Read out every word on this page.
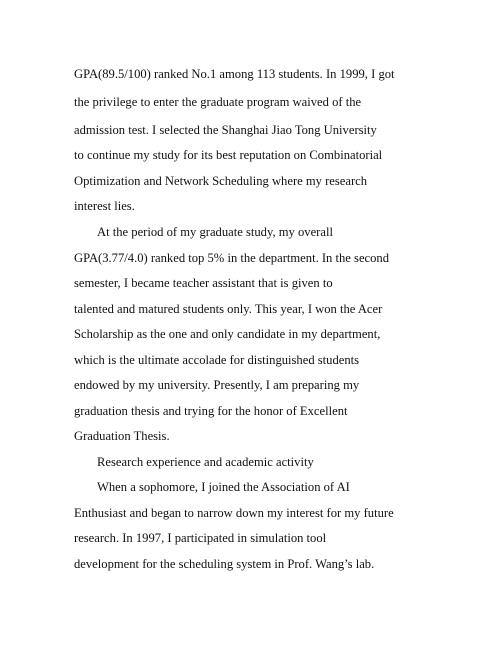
GPA(89.5/100) ranked No.1 among 113 students. In 1999, I got
the privilege to enter the graduate program waived of the
admission test. I selected the Shanghai Jiao Tong University
to continue my study for its best reputation on Combinatorial
Optimization and Network Scheduling where my research
interest lies.
At the period of my graduate study, my overall
GPA(3.77/4.0) ranked top 5% in the department. In the second
semester, I became teacher assistant that is given to
talented and matured students only. This year, I won the Acer
Scholarship as the one and only candidate in my department,
which is the ultimate accolade for distinguished students
endowed by my university. Presently, I am preparing my
graduation thesis and trying for the honor of Excellent
Graduation Thesis.
Research experience and academic activity
When a sophomore, I joined the Association of AI
Enthusiast and began to narrow down my interest for my future
research. In 1997, I participated in simulation tool
development for the scheduling system in Prof. Wang’s lab.
